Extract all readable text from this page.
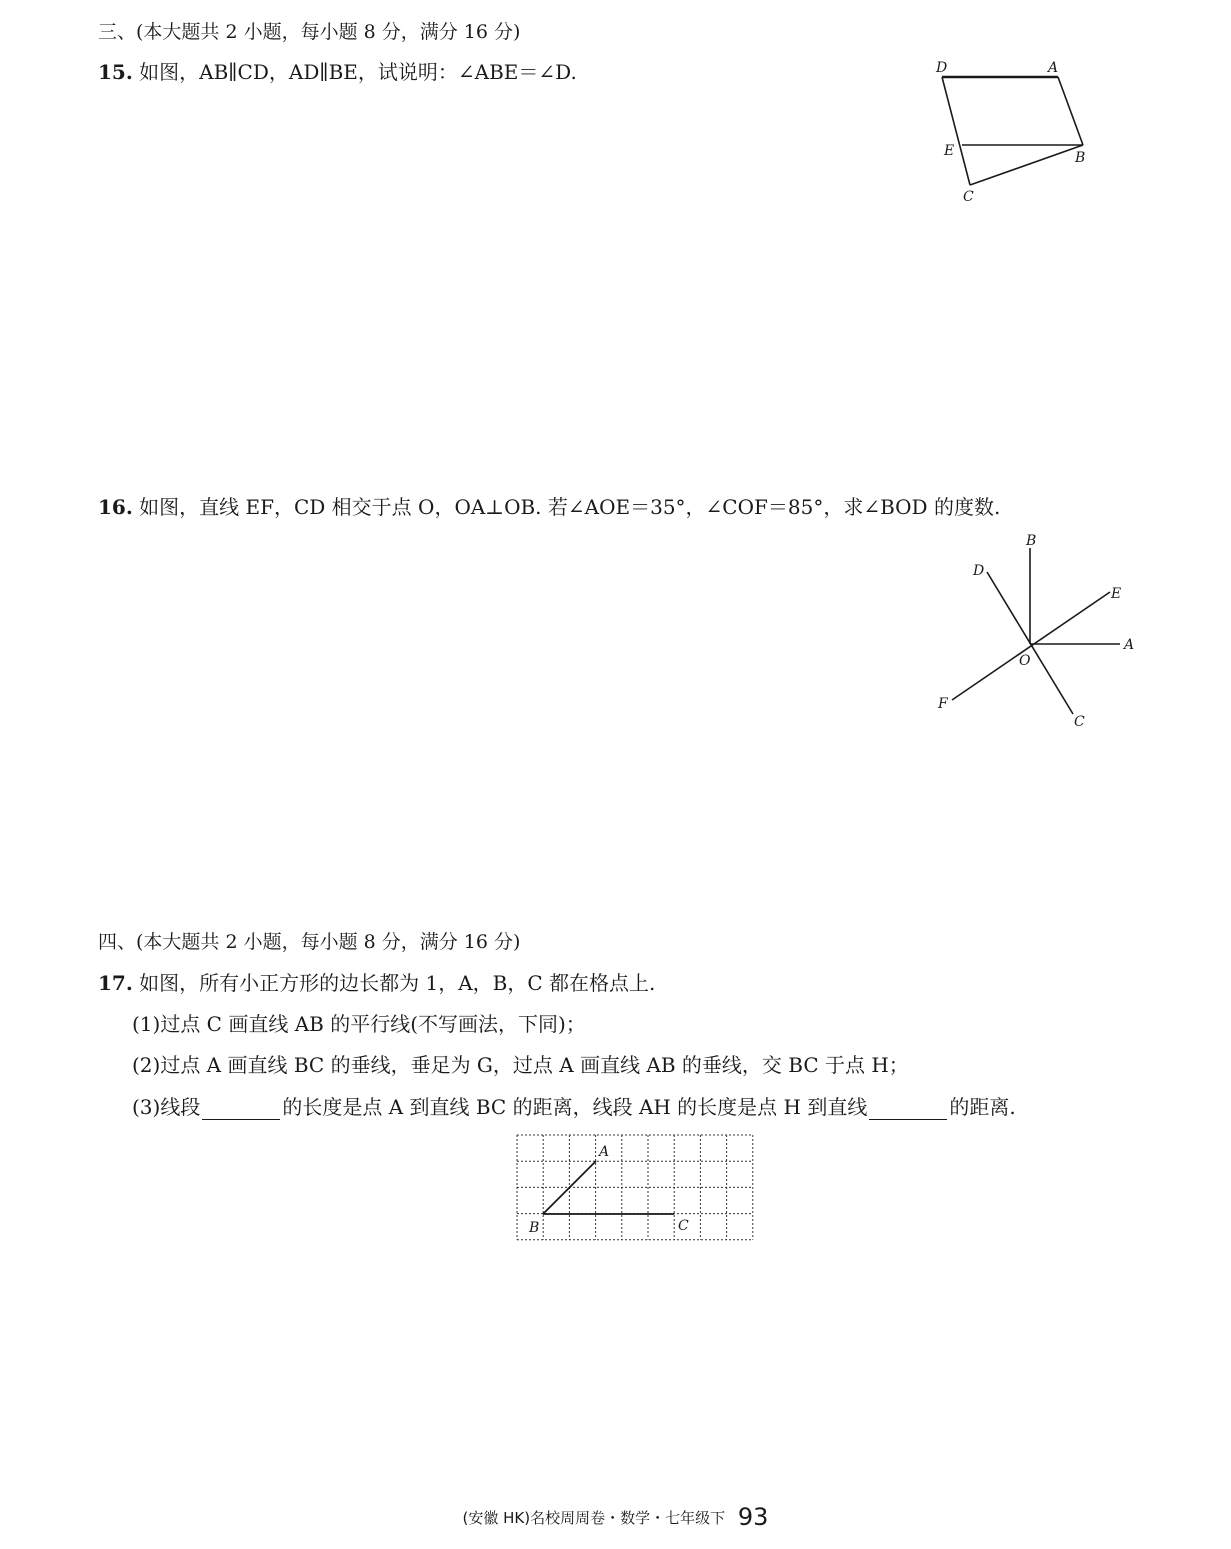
三、(本大题共 2 小题，每小题 8 分，满分 16 分)
15. 如图，AB∥CD，AD∥BE，试说明：∠ABE＝∠D.	D	A
E	B
C
16. 如图，直线 EF，CD 相交于点 O，OA⊥OB. 若∠AOE＝35°，∠COF＝85°，求∠BOD 的度数.
B
D
E
A
O
F
C
四、(本大题共 2 小题，每小题 8 分，满分 16 分)
17. 如图，所有小正方形的边长都为 1，A，B，C 都在格点上.
(1)过点 C 画直线 AB 的平行线(不写画法，下同)；
(2)过点 A 画直线 BC 的垂线，垂足为 G，过点 A 画直线 AB 的垂线，交 BC 于点 H；
(3)线段	的长度是点 A 到直线 BC 的距离，线段 AH 的长度是点 H 到直线	的距离.
A
B	C
(安徽 HK)名校周周卷・数学・七年级下 93
